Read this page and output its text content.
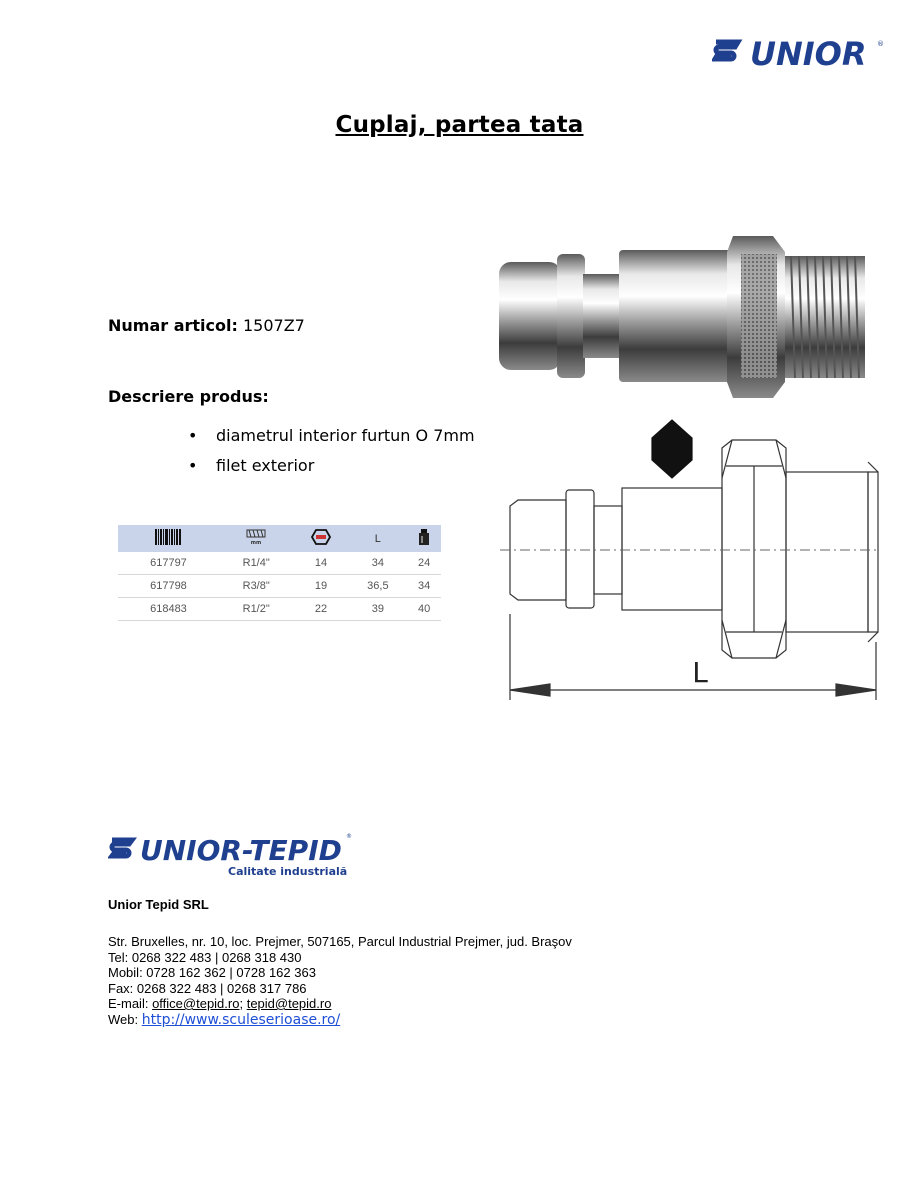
UNIOR ®
Cuplaj, partea tata
Numar articol: 1507Z7
Descriere produs:
• diametrul interior furtun O 7mm
• filet exterior

mm		L	
617797	R1/4"	14	34	24
617798	R3/8"	19	36,5	34
618483	R1/2"	22	39	40
L
UNIOR-TEPID ®
Calitate industrială
Unior Tepid SRL
Str. Bruxelles, nr. 10, loc. Prejmer, 507165, Parcul Industrial Prejmer, jud. Braşov
Tel: 0268 322 483 | 0268 318 430
Mobil: 0728 162 362 | 0728 162 363
Fax: 0268 322 483 | 0268 317 786
E-mail: office@tepid.ro; tepid@tepid.ro
Web: http://www.sculeserioase.ro/
